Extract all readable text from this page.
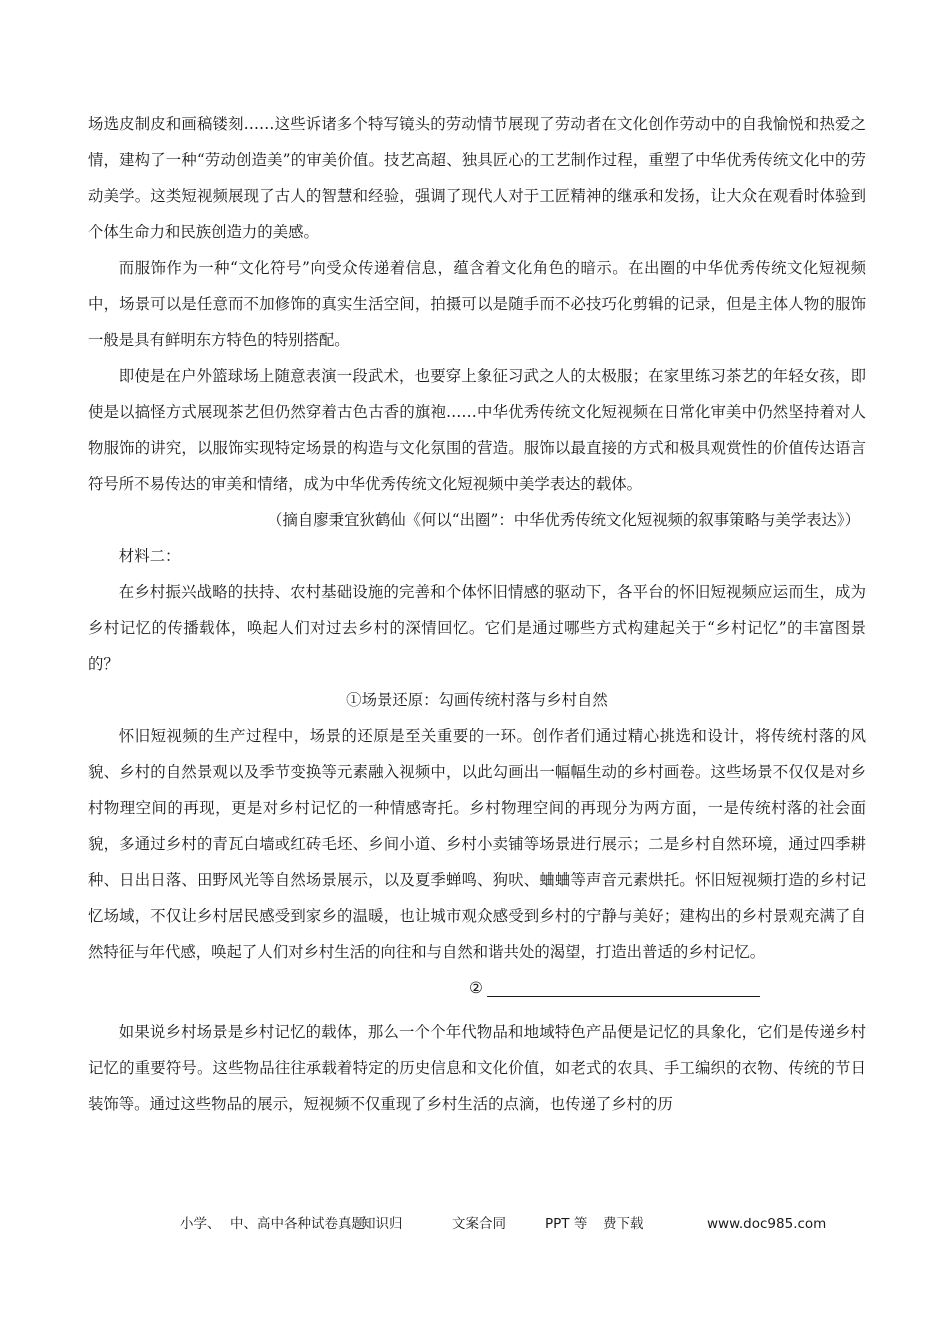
场选皮制皮和画稿镂刻……这些诉诸多个特写镜头的劳动情节展现了劳动者在文化创作劳动中的自我愉悦和热爱之情，建构了一种“劳动创造美”的审美价值。技艺高超、独具匠心的工艺制作过程，重塑了中华优秀传统文化中的劳动美学。这类短视频展现了古人的智慧和经验，强调了现代人对于工匠精神的继承和发扬，让大众在观看时体验到个体生命力和民族创造力的美感。

而服饰作为一种“文化符号”向受众传递着信息，蕴含着文化角色的暗示。在出圈的中华优秀传统文化短视频中，场景可以是任意而不加修饰的真实生活空间，拍摄可以是随手而不必技巧化剪辑的记录，但是主体人物的服饰一般是具有鲜明东方特色的特别搭配。

即使是在户外篮球场上随意表演一段武术，也要穿上象征习武之人的太极服；在家里练习茶艺的年轻女孩，即使是以搞怪方式展现茶艺但仍然穿着古色古香的旗袍……中华优秀传统文化短视频在日常化审美中仍然坚持着对人物服饰的讲究，以服饰实现特定场景的构造与文化氛围的营造。服饰以最直接的方式和极具观赏性的价值传达语言符号所不易传达的审美和情绪，成为中华优秀传统文化短视频中美学表达的载体。

（摘自廖秉宜狄鹤仙《何以“出圈”：中华优秀传统文化短视频的叙事策略与美学表达》）

材料二：

在乡村振兴战略的扶持、农村基础设施的完善和个体怀旧情感的驱动下，各平台的怀旧短视频应运而生，成为乡村记忆的传播载体，唤起人们对过去乡村的深情回忆。它们是通过哪些方式构建起关于“乡村记忆”的丰富图景的？

①场景还原：勾画传统村落与乡村自然

怀旧短视频的生产过程中，场景的还原是至关重要的一环。创作者们通过精心挑选和设计，将传统村落的风貌、乡村的自然景观以及季节变换等元素融入视频中，以此勾画出一幅幅生动的乡村画卷。这些场景不仅仅是对乡村物理空间的再现，更是对乡村记忆的一种情感寄托。乡村物理空间的再现分为两方面，一是传统村落的社会面貌，多通过乡村的青瓦白墙或红砖毛坯、乡间小道、乡村小卖铺等场景进行展示；二是乡村自然环境，通过四季耕种、日出日落、田野风光等自然场景展示，以及夏季蝉鸣、狗吠、蛐蛐等声音元素烘托。怀旧短视频打造的乡村记忆场域，不仅让乡村居民感受到家乡的温暖，也让城市观众感受到乡村的宁静与美好；建构出的乡村景观充满了自然特征与年代感，唤起了人们对乡村生活的向往和与自然和谐共处的渴望，打造出普适的乡村记忆。

②

如果说乡村场景是乡村记忆的载体，那么一个个年代物品和地域特色产品便是记忆的具象化，它们是传递乡村记忆的重要符号。这些物品往往承载着特定的历史信息和文化价值，如老式的农具、手工编织的衣物、传统的节日装饰等。通过这些物品的展示，短视频不仅重现了乡村生活的点滴，也传递了乡村的历

小学、 中、高中各种试卷真题
知识归	文案合同	PPT 等 费下载	www.doc985.com
